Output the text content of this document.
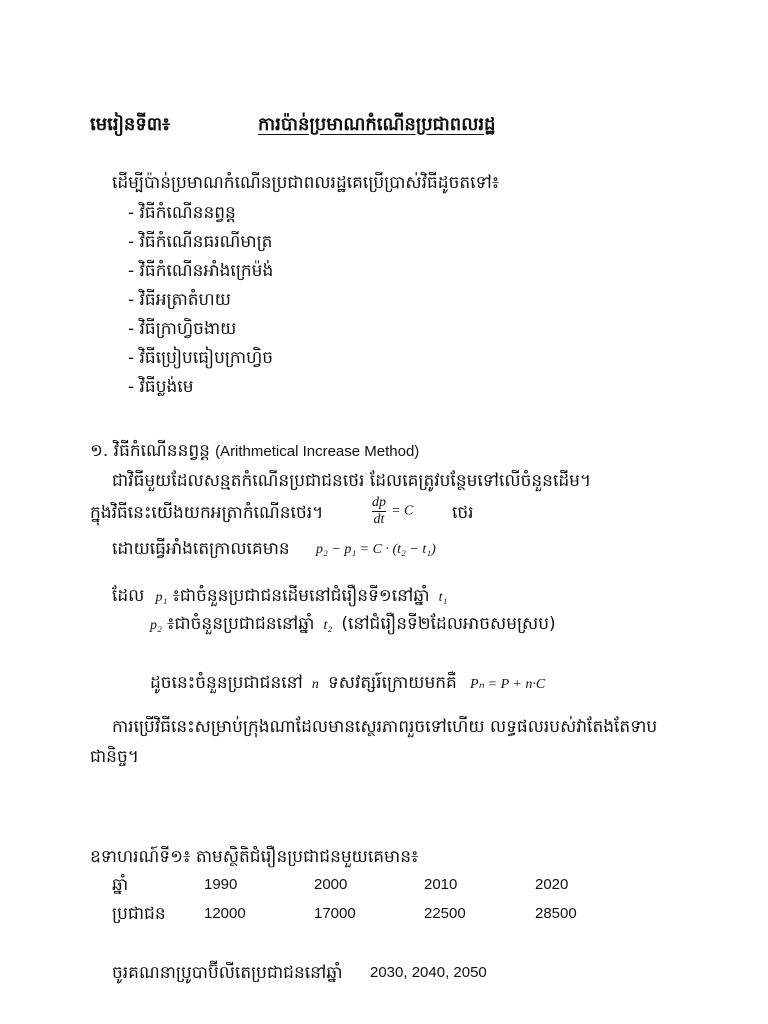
មេរៀនទី៣៖	ការប៉ាន់ប្រមាណកំណើនប្រជាពលរដ្ឋ
ដើម្បីប៉ាន់ប្រមាណកំណើនប្រជាពលរដ្ឋគេប្រើប្រាស់វិធីដូចតទៅ៖
- វិធីកំណើននព្វន្ត
- វិធីកំណើនធរណីមាត្រ
- វិធីកំណើនអាំងក្រេម៉ង់
- វិធីអត្រាតំហយ
- វិធីក្រាហ្វិចងាយ
- វិធីប្រៀបធៀបក្រាហ្វិច
- វិធីប្លង់មេ
១. វិធីកំណើននព្វន្ត (Arithmetical Increase Method)
ជាវិធីមួយដែលសន្មតកំណើនប្រជាជនថេរ ដែលគេត្រូវបន្ថែមទៅលើចំនួនដើម។
ក្នុងវិធីនេះយើងយកអត្រាកំណើនថេរ។	$\frac{dp}{dt} = C$ ថេរ
ដោយធ្វើអាំងតេក្រាលគេមាន p₂ − p₁ = C · (t₂ − t₁)
ដែល p₁ ៖ជាចំនួនប្រជាជនដើមនៅជំរឿនទី១នៅឆ្នាំ t₁
p₂ ៖ជាចំនួនប្រជាជននៅឆ្នាំ t₂ (នៅជំរឿនទី២ដែលអាចសមស្រប)
ដូចនេះចំនួនប្រជាជននៅ n ទសវត្សរ៍ក្រោយមកគឺ Pₙ = P + n·C
ការប្រើវិធីនេះសម្រាប់ក្រុងណាដែលមានស្ថេរភាពរួចទៅហើយ លទ្ធផលរបស់វាតែងតែទាប
ជានិច្ច។
ឧទាហរណ៍ទី១៖ តាមស្ថិតិជំរឿនប្រជាជនមួយគេមាន៖
ឆ្នាំ	1990	2000	2010	2020
ប្រជាជន	12000	17000	22500	28500
ចូរគណនាប្រូបាប៊ីលីតេប្រជាជននៅឆ្នាំ 2030, 2040, 2050
